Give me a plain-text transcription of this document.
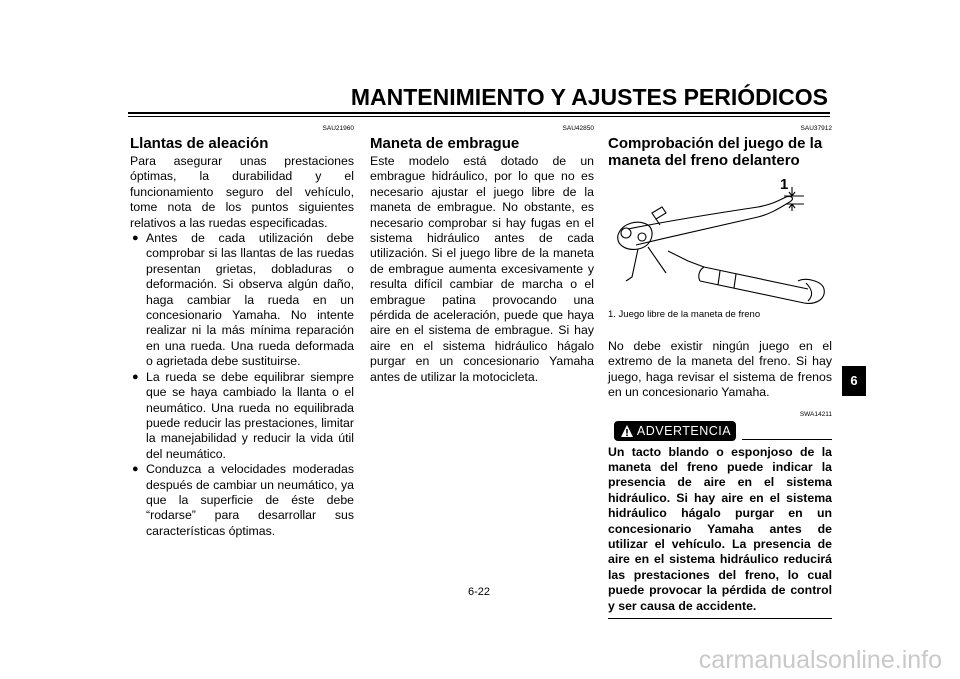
MANTENIMIENTO Y AJUSTES PERIÓDICOS
SAU21960
Llantas de aleación

Para asegurar unas prestaciones óptimas, la durabilidad y el funcionamiento seguro del vehículo, tome nota de los puntos siguientes relativos a las ruedas especificadas.

● Antes de cada utilización debe comprobar si las llantas de las ruedas presentan grietas, dobladuras o deformación. Si observa algún daño, haga cambiar la rueda en un concesionario Yamaha. No intente realizar ni la más mínima reparación en una rueda. Una rueda deformada o agrietada debe sustituirse.
● La rueda se debe equilibrar siempre que se haya cambiado la llanta o el neumático. Una rueda no equilibrada puede reducir las prestaciones, limitar la manejabilidad y reducir la vida útil del neumático.
● Conduzca a velocidades moderadas después de cambiar un neumático, ya que la superficie de éste debe “rodarse” para desarrollar sus características óptimas.
SAU42850
Maneta de embrague

Este modelo está dotado de un embrague hidráulico, por lo que no es necesario ajustar el juego libre de la maneta de embrague. No obstante, es necesario comprobar si hay fugas en el sistema hidráulico antes de cada utilización. Si el juego libre de la maneta de embrague aumenta excesivamente y resulta difícil cambiar de marcha o el embrague patina provocando una pérdida de aceleración, puede que haya aire en el sistema de embrague. Si hay aire en el sistema hidráulico hágalo purgar en un concesionario Yamaha antes de utilizar la motocicleta.

SAU37912
Comprobación del juego de la maneta del freno delantero
1
1. Juego libre de la maneta de freno

No debe existir ningún juego en el extremo de la maneta del freno. Si hay juego, haga revisar el sistema de frenos en un concesionario Yamaha.

SWA14211
ADVERTENCIA

Un tacto blando o esponjoso de la maneta del freno puede indicar la presencia de aire en el sistema hidráulico. Si hay aire en el sistema hidráulico hágalo purgar en un concesionario Yamaha antes de utilizar el vehículo. La presencia de aire en el sistema hidráulico reducirá las prestaciones del freno, lo cual puede provocar la pérdida de control y ser causa de accidente.

6-22
6
carmanualsonline.info
